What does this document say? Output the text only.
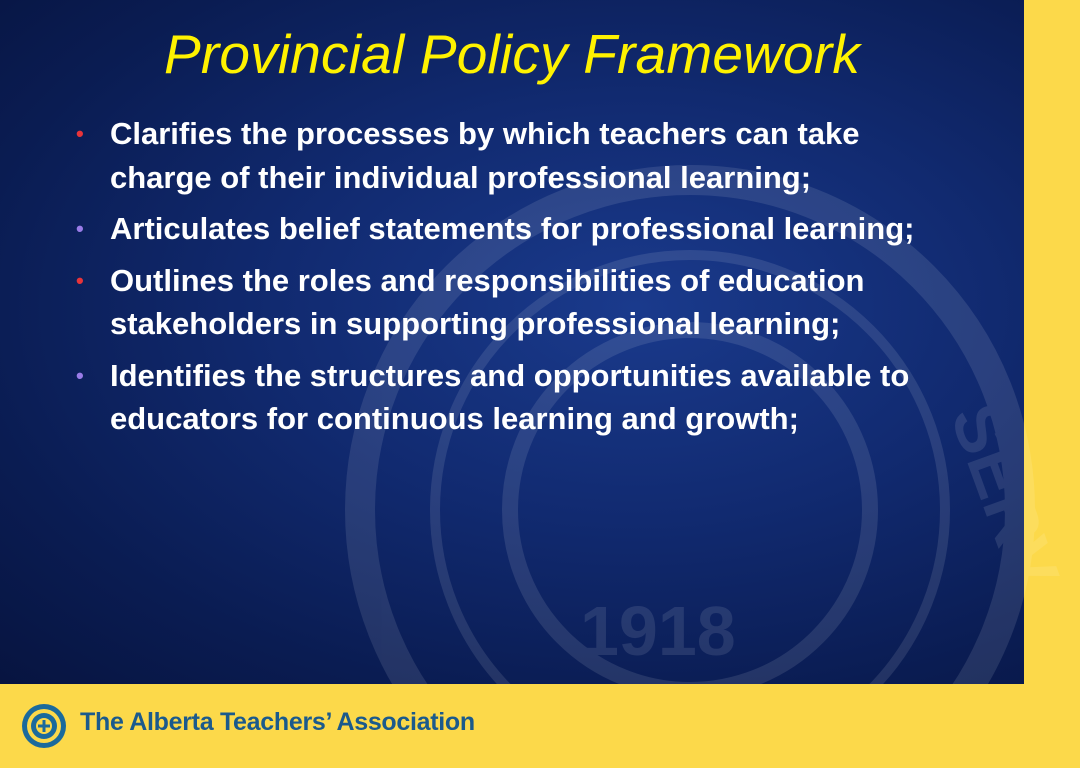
SERV
1918
Provincial Policy Framework
• Clarifies the processes by which teachers can take charge of their individual professional learning;
• Articulates belief statements for professional learning;
• Outlines the roles and responsibilities of education stakeholders in supporting professional learning;
• Identifies the structures and opportunities available to educators for continuous learning and growth;
The Alberta Teachers’ Association
